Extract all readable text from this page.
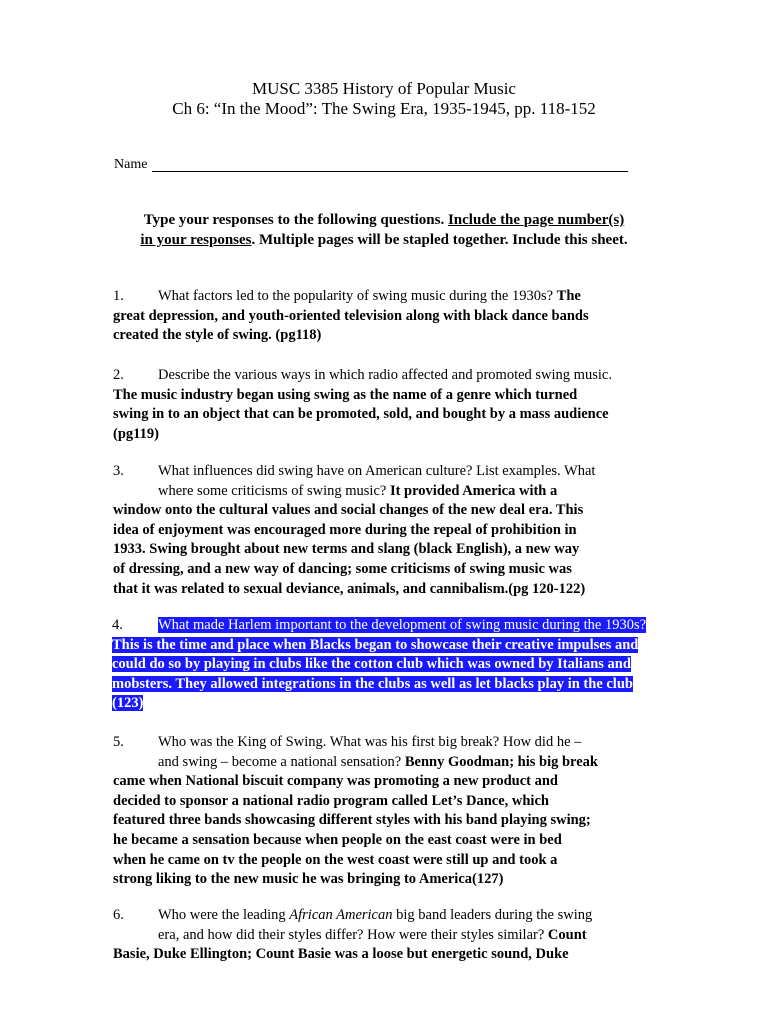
MUSC 3385 History of Popular Music
Ch 6: “In the Mood”: The Swing Era, 1935-1945, pp. 118-152
Name
Type your responses to the following questions. Include the page number(s)
in your responses. Multiple pages will be stapled together. Include this sheet.
1. What factors led to the popularity of swing music during the 1930s? The
great depression, and youth-oriented television along with black dance bands
created the style of swing. (pg118)
2. Describe the various ways in which radio affected and promoted swing music.
The music industry began using swing as the name of a genre which turned
swing in to an object that can be promoted, sold, and bought by a mass audience
(pg119)
3. What influences did swing have on American culture? List examples. What
where some criticisms of swing music? It provided America with a
window onto the cultural values and social changes of the new deal era. This
idea of enjoyment was encouraged more during the repeal of prohibition in
1933. Swing brought about new terms and slang (black English), a new way
of dressing, and a new way of dancing; some criticisms of swing music was
that it was related to sexual deviance, animals, and cannibalism.(pg 120-122)
4. What made Harlem important to the development of swing music during the 1930s?
This is the time and place when Blacks began to showcase their creative impulses and
could do so by playing in clubs like the cotton club which was owned by Italians and
mobsters. They allowed integrations in the clubs as well as let blacks play in the club
(123)
5. Who was the King of Swing. What was his first big break? How did he –
and swing – become a national sensation? Benny Goodman; his big break
came when National biscuit company was promoting a new product and
decided to sponsor a national radio program called Let’s Dance, which
featured three bands showcasing different styles with his band playing swing;
he became a sensation because when people on the east coast were in bed
when he came on tv the people on the west coast were still up and took a
strong liking to the new music he was bringing to America(127)
6. Who were the leading African American big band leaders during the swing
era, and how did their styles differ? How were their styles similar? Count
Basie, Duke Ellington; Count Basie was a loose but energetic sound, Duke
